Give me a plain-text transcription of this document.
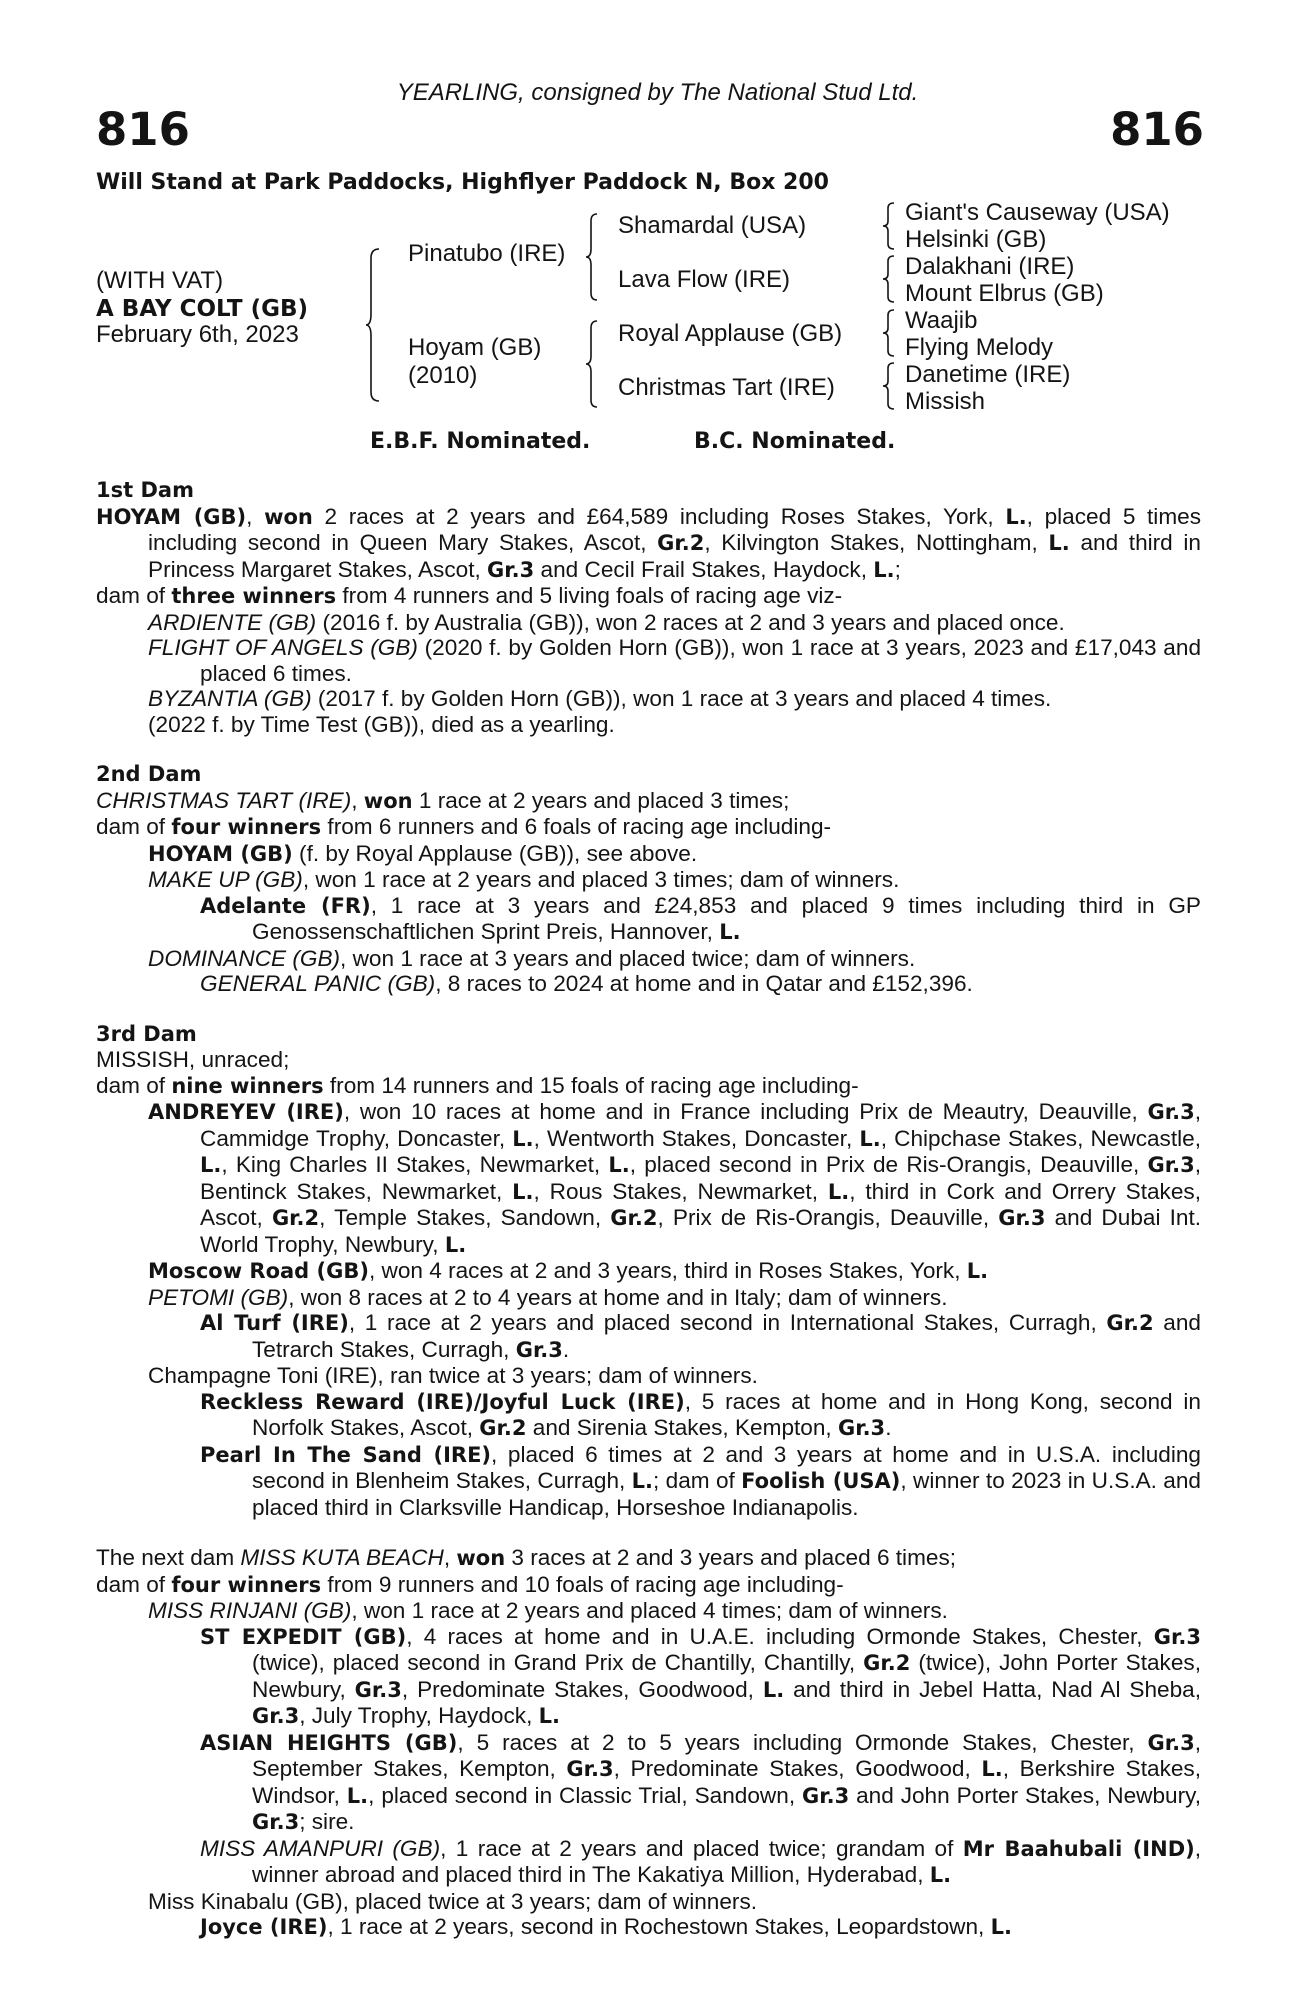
YEARLING, consigned by The National Stud Ltd.
816	816
Will Stand at Park Paddocks, Highflyer Paddock N, Box 200
(WITH VAT)
A BAY COLT (GB)
February 6th, 2023
Pinatubo (IRE)
Hoyam (GB)
(2010)
Shamardal (USA)
Lava Flow (IRE)
Royal Applause (GB)
Christmas Tart (IRE)
Giant's Causeway (USA)
Helsinki (GB)
Dalakhani (IRE)
Mount Elbrus (GB)
Waajib
Flying Melody
Danetime (IRE)
Missish
E.B.F. Nominated.	B.C. Nominated.
1st Dam
HOYAM (GB), won 2 races at 2 years and £64,589 including Roses Stakes, York, L., placed 5 times including second in Queen Mary Stakes, Ascot, Gr.2, Kilvington Stakes, Nottingham, L. and third in Princess Margaret Stakes, Ascot, Gr.3 and Cecil Frail Stakes, Haydock, L.;
dam of three winners from 4 runners and 5 living foals of racing age viz-
ARDIENTE (GB) (2016 f. by Australia (GB)), won 2 races at 2 and 3 years and placed once.
FLIGHT OF ANGELS (GB) (2020 f. by Golden Horn (GB)), won 1 race at 3 years, 2023 and £17,043 and placed 6 times.
BYZANTIA (GB) (2017 f. by Golden Horn (GB)), won 1 race at 3 years and placed 4 times.
(2022 f. by Time Test (GB)), died as a yearling.
2nd Dam
CHRISTMAS TART (IRE), won 1 race at 2 years and placed 3 times;
dam of four winners from 6 runners and 6 foals of racing age including-
HOYAM (GB) (f. by Royal Applause (GB)), see above.
MAKE UP (GB), won 1 race at 2 years and placed 3 times; dam of winners.
Adelante (FR), 1 race at 3 years and £24,853 and placed 9 times including third in GP Genossenschaftlichen Sprint Preis, Hannover, L.
DOMINANCE (GB), won 1 race at 3 years and placed twice; dam of winners.
GENERAL PANIC (GB), 8 races to 2024 at home and in Qatar and £152,396.
3rd Dam
MISSISH, unraced;
dam of nine winners from 14 runners and 15 foals of racing age including-
ANDREYEV (IRE), won 10 races at home and in France including Prix de Meautry, Deauville, Gr.3, Cammidge Trophy, Doncaster, L., Wentworth Stakes, Doncaster, L., Chipchase Stakes, Newcastle, L., King Charles II Stakes, Newmarket, L., placed second in Prix de Ris-Orangis, Deauville, Gr.3, Bentinck Stakes, Newmarket, L., Rous Stakes, Newmarket, L., third in Cork and Orrery Stakes, Ascot, Gr.2, Temple Stakes, Sandown, Gr.2, Prix de Ris-Orangis, Deauville, Gr.3 and Dubai Int. World Trophy, Newbury, L.
Moscow Road (GB), won 4 races at 2 and 3 years, third in Roses Stakes, York, L.
PETOMI (GB), won 8 races at 2 to 4 years at home and in Italy; dam of winners.
Al Turf (IRE), 1 race at 2 years and placed second in International Stakes, Curragh, Gr.2 and Tetrarch Stakes, Curragh, Gr.3.
Champagne Toni (IRE), ran twice at 3 years; dam of winners.
Reckless Reward (IRE)/Joyful Luck (IRE), 5 races at home and in Hong Kong, second in Norfolk Stakes, Ascot, Gr.2 and Sirenia Stakes, Kempton, Gr.3.
Pearl In The Sand (IRE), placed 6 times at 2 and 3 years at home and in U.S.A. including second in Blenheim Stakes, Curragh, L.; dam of Foolish (USA), winner to 2023 in U.S.A. and placed third in Clarksville Handicap, Horseshoe Indianapolis.
The next dam MISS KUTA BEACH, won 3 races at 2 and 3 years and placed 6 times;
dam of four winners from 9 runners and 10 foals of racing age including-
MISS RINJANI (GB), won 1 race at 2 years and placed 4 times; dam of winners.
ST EXPEDIT (GB), 4 races at home and in U.A.E. including Ormonde Stakes, Chester, Gr.3 (twice), placed second in Grand Prix de Chantilly, Chantilly, Gr.2 (twice), John Porter Stakes, Newbury, Gr.3, Predominate Stakes, Goodwood, L. and third in Jebel Hatta, Nad Al Sheba, Gr.3, July Trophy, Haydock, L.
ASIAN HEIGHTS (GB), 5 races at 2 to 5 years including Ormonde Stakes, Chester, Gr.3, September Stakes, Kempton, Gr.3, Predominate Stakes, Goodwood, L., Berkshire Stakes, Windsor, L., placed second in Classic Trial, Sandown, Gr.3 and John Porter Stakes, Newbury, Gr.3; sire.
MISS AMANPURI (GB), 1 race at 2 years and placed twice; grandam of Mr Baahubali (IND), winner abroad and placed third in The Kakatiya Million, Hyderabad, L.
Miss Kinabalu (GB), placed twice at 3 years; dam of winners.
Joyce (IRE), 1 race at 2 years, second in Rochestown Stakes, Leopardstown, L.
